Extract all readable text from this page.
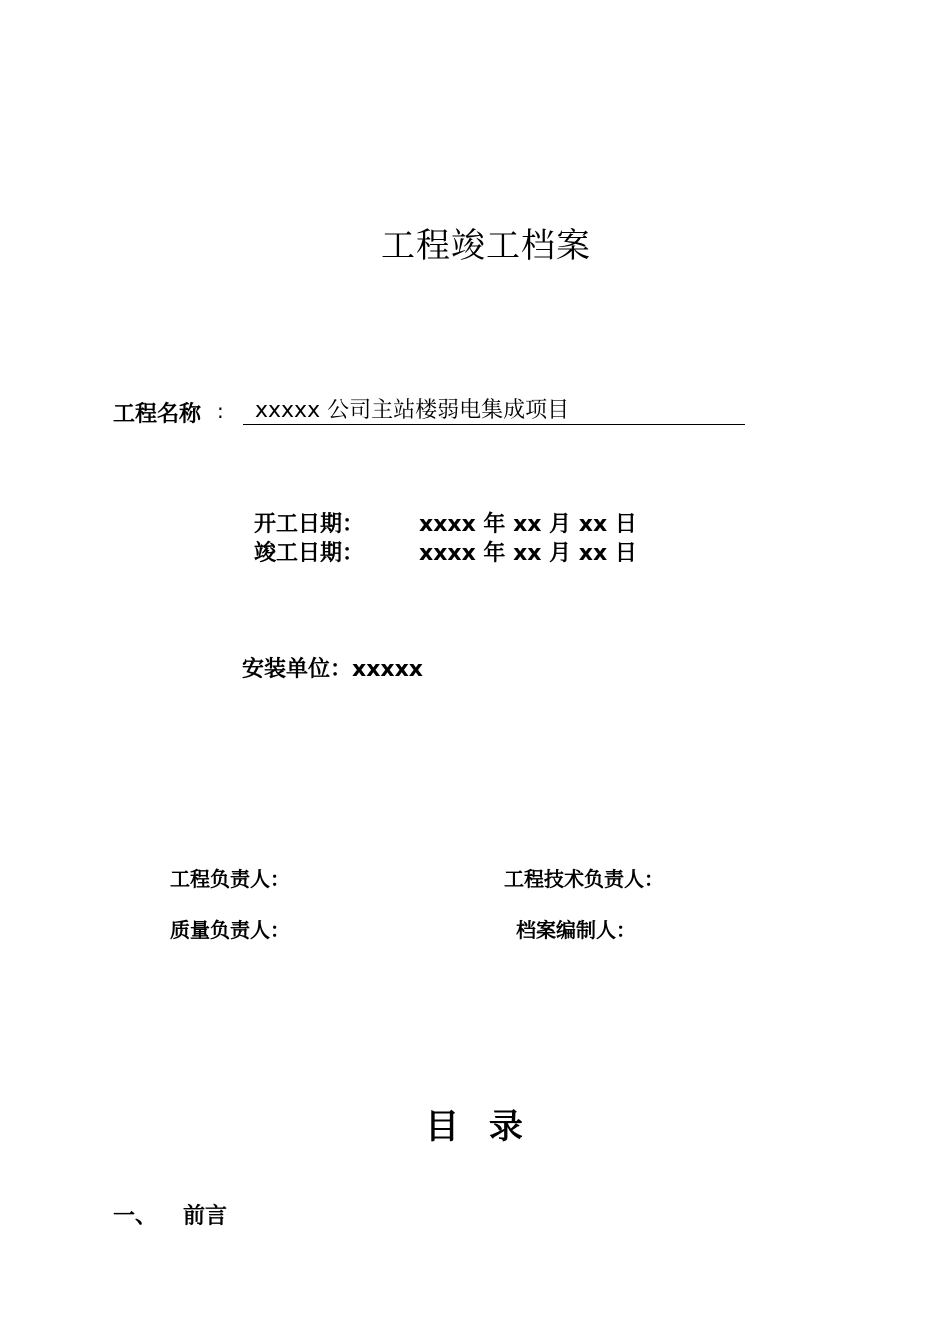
工程竣工档案
工程名称 :	xxxxx 公司主站楼弱电集成项目
开工日期： xxxx 年 xx 月 xx 日
竣工日期： xxxx 年 xx 月 xx 日
安装单位：xxxxx
工程负责人：	工程技术负责人：
质量负责人：	档案编制人：
目  录
一、 前言
